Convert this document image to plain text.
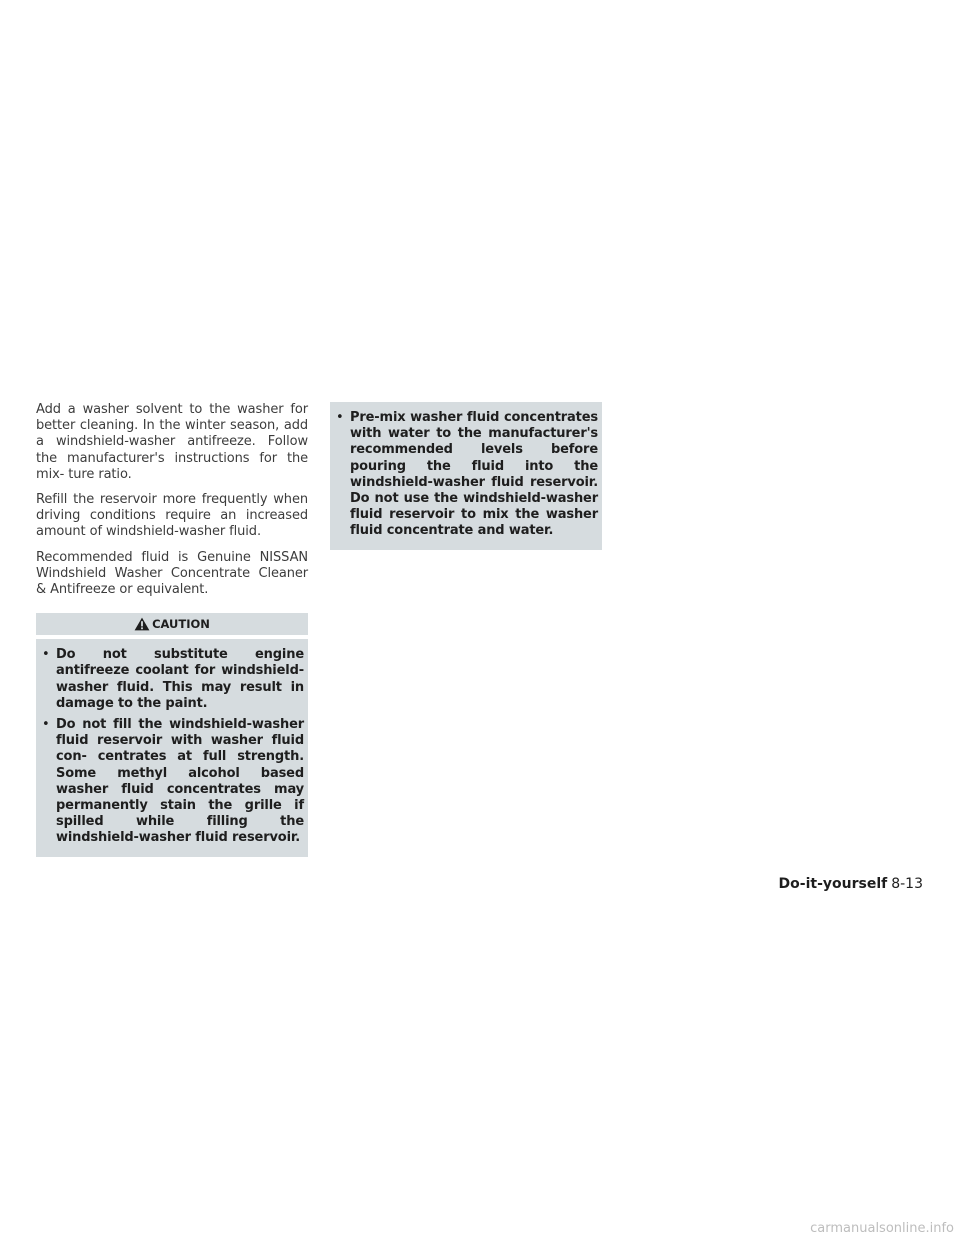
Add a washer solvent to the washer for better cleaning. In the winter season, add a windshield-washer antifreeze. Follow the manufacturer's instructions for the mix- ture ratio.

Refill the reservoir more frequently when driving conditions require an increased amount of windshield-washer fluid.

Recommended fluid is Genuine NISSAN Windshield Washer Concentrate Cleaner & Antifreeze or equivalent.

CAUTION
• Do not substitute engine antifreeze coolant for windshield-washer fluid. This may result in damage to the paint.
• Do not fill the windshield-washer fluid reservoir with washer fluid con- centrates at full strength. Some methyl alcohol based washer fluid concentrates may permanently stain the grille if spilled while filling the windshield-washer fluid reservoir.
• Pre-mix washer fluid concentrates with water to the manufacturer's recommended levels before pouring the fluid into the windshield-washer fluid reservoir. Do not use the windshield-washer fluid reservoir to mix the washer fluid concentrate and water.
Do-it-yourself 8-13
carmanualsonline.info
